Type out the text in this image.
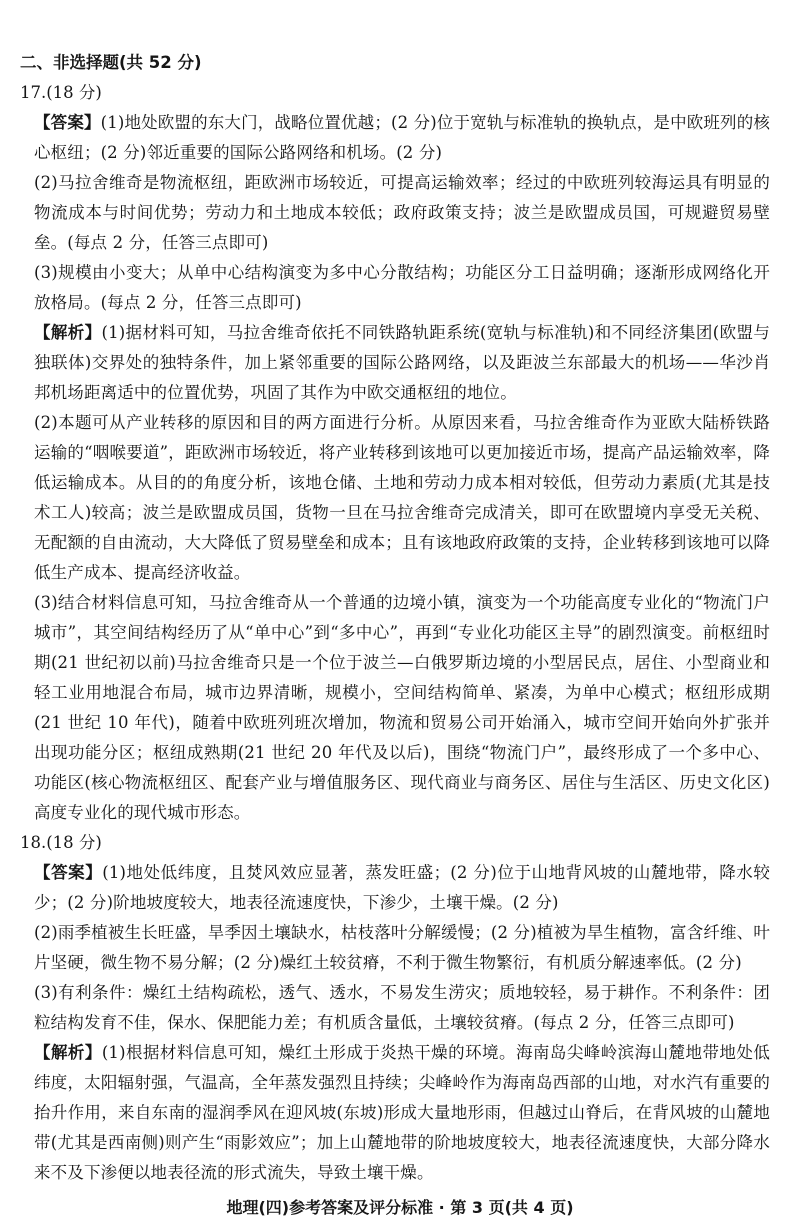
二、非选择题(共 52 分)

17.(18 分)

【答案】(1)地处欧盟的东大门，战略位置优越；(2 分)位于宽轨与标准轨的换轨点，是中欧班列的核心枢纽；(2 分)邻近重要的国际公路网络和机场。(2 分)

(2)马拉舍维奇是物流枢纽，距欧洲市场较近，可提高运输效率；经过的中欧班列较海运具有明显的物流成本与时间优势；劳动力和土地成本较低；政府政策支持；波兰是欧盟成员国，可规避贸易壁垒。(每点 2 分，任答三点即可)

(3)规模由小变大；从单中心结构演变为多中心分散结构；功能区分工日益明确；逐渐形成网络化开放格局。(每点 2 分，任答三点即可)

【解析】(1)据材料可知，马拉舍维奇依托不同铁路轨距系统(宽轨与标准轨)和不同经济集团(欧盟与独联体)交界处的独特条件，加上紧邻重要的国际公路网络，以及距波兰东部最大的机场——华沙肖邦机场距离适中的位置优势，巩固了其作为中欧交通枢纽的地位。

(2)本题可从产业转移的原因和目的两方面进行分析。从原因来看，马拉舍维奇作为亚欧大陆桥铁路运输的“咽喉要道”，距欧洲市场较近，将产业转移到该地可以更加接近市场，提高产品运输效率，降低运输成本。从目的的角度分析，该地仓储、土地和劳动力成本相对较低，但劳动力素质(尤其是技术工人)较高；波兰是欧盟成员国，货物一旦在马拉舍维奇完成清关，即可在欧盟境内享受无关税、无配额的自由流动，大大降低了贸易壁垒和成本；且有该地政府政策的支持，企业转移到该地可以降低生产成本、提高经济收益。

(3)结合材料信息可知，马拉舍维奇从一个普通的边境小镇，演变为一个功能高度专业化的“物流门户城市”，其空间结构经历了从“单中心”到“多中心”，再到“专业化功能区主导”的剧烈演变。前枢纽时期(21 世纪初以前)马拉舍维奇只是一个位于波兰—白俄罗斯边境的小型居民点，居住、小型商业和轻工业用地混合布局，城市边界清晰，规模小，空间结构简单、紧凑，为单中心模式；枢纽形成期(21 世纪 10 年代)，随着中欧班列班次增加，物流和贸易公司开始涌入，城市空间开始向外扩张并出现功能分区；枢纽成熟期(21 世纪 20 年代及以后)，围绕“物流门户”，最终形成了一个多中心、功能区(核心物流枢纽区、配套产业与增值服务区、现代商业与商务区、居住与生活区、历史文化区)高度专业化的现代城市形态。

18.(18 分)

【答案】(1)地处低纬度，且焚风效应显著，蒸发旺盛；(2 分)位于山地背风坡的山麓地带，降水较少；(2 分)阶地坡度较大，地表径流速度快，下渗少，土壤干燥。(2 分)

(2)雨季植被生长旺盛，旱季因土壤缺水，枯枝落叶分解缓慢；(2 分)植被为旱生植物，富含纤维、叶片坚硬，微生物不易分解；(2 分)燥红土较贫瘠，不利于微生物繁衍，有机质分解速率低。(2 分)

(3)有利条件：燥红土结构疏松，透气、透水，不易发生涝灾；质地较轻，易于耕作。不利条件：团粒结构发育不佳，保水、保肥能力差；有机质含量低，土壤较贫瘠。(每点 2 分，任答三点即可)

【解析】(1)根据材料信息可知，燥红土形成于炎热干燥的环境。海南岛尖峰岭滨海山麓地带地处低纬度，太阳辐射强，气温高，全年蒸发强烈且持续；尖峰岭作为海南岛西部的山地，对水汽有重要的抬升作用，来自东南的湿润季风在迎风坡(东坡)形成大量地形雨，但越过山脊后，在背风坡的山麓地带(尤其是西南侧)则产生“雨影效应”；加上山麓地带的阶地坡度较大，地表径流速度快，大部分降水来不及下渗便以地表径流的形式流失，导致土壤干燥。

地理(四)参考答案及评分标准 · 第 3 页(共 4 页)
